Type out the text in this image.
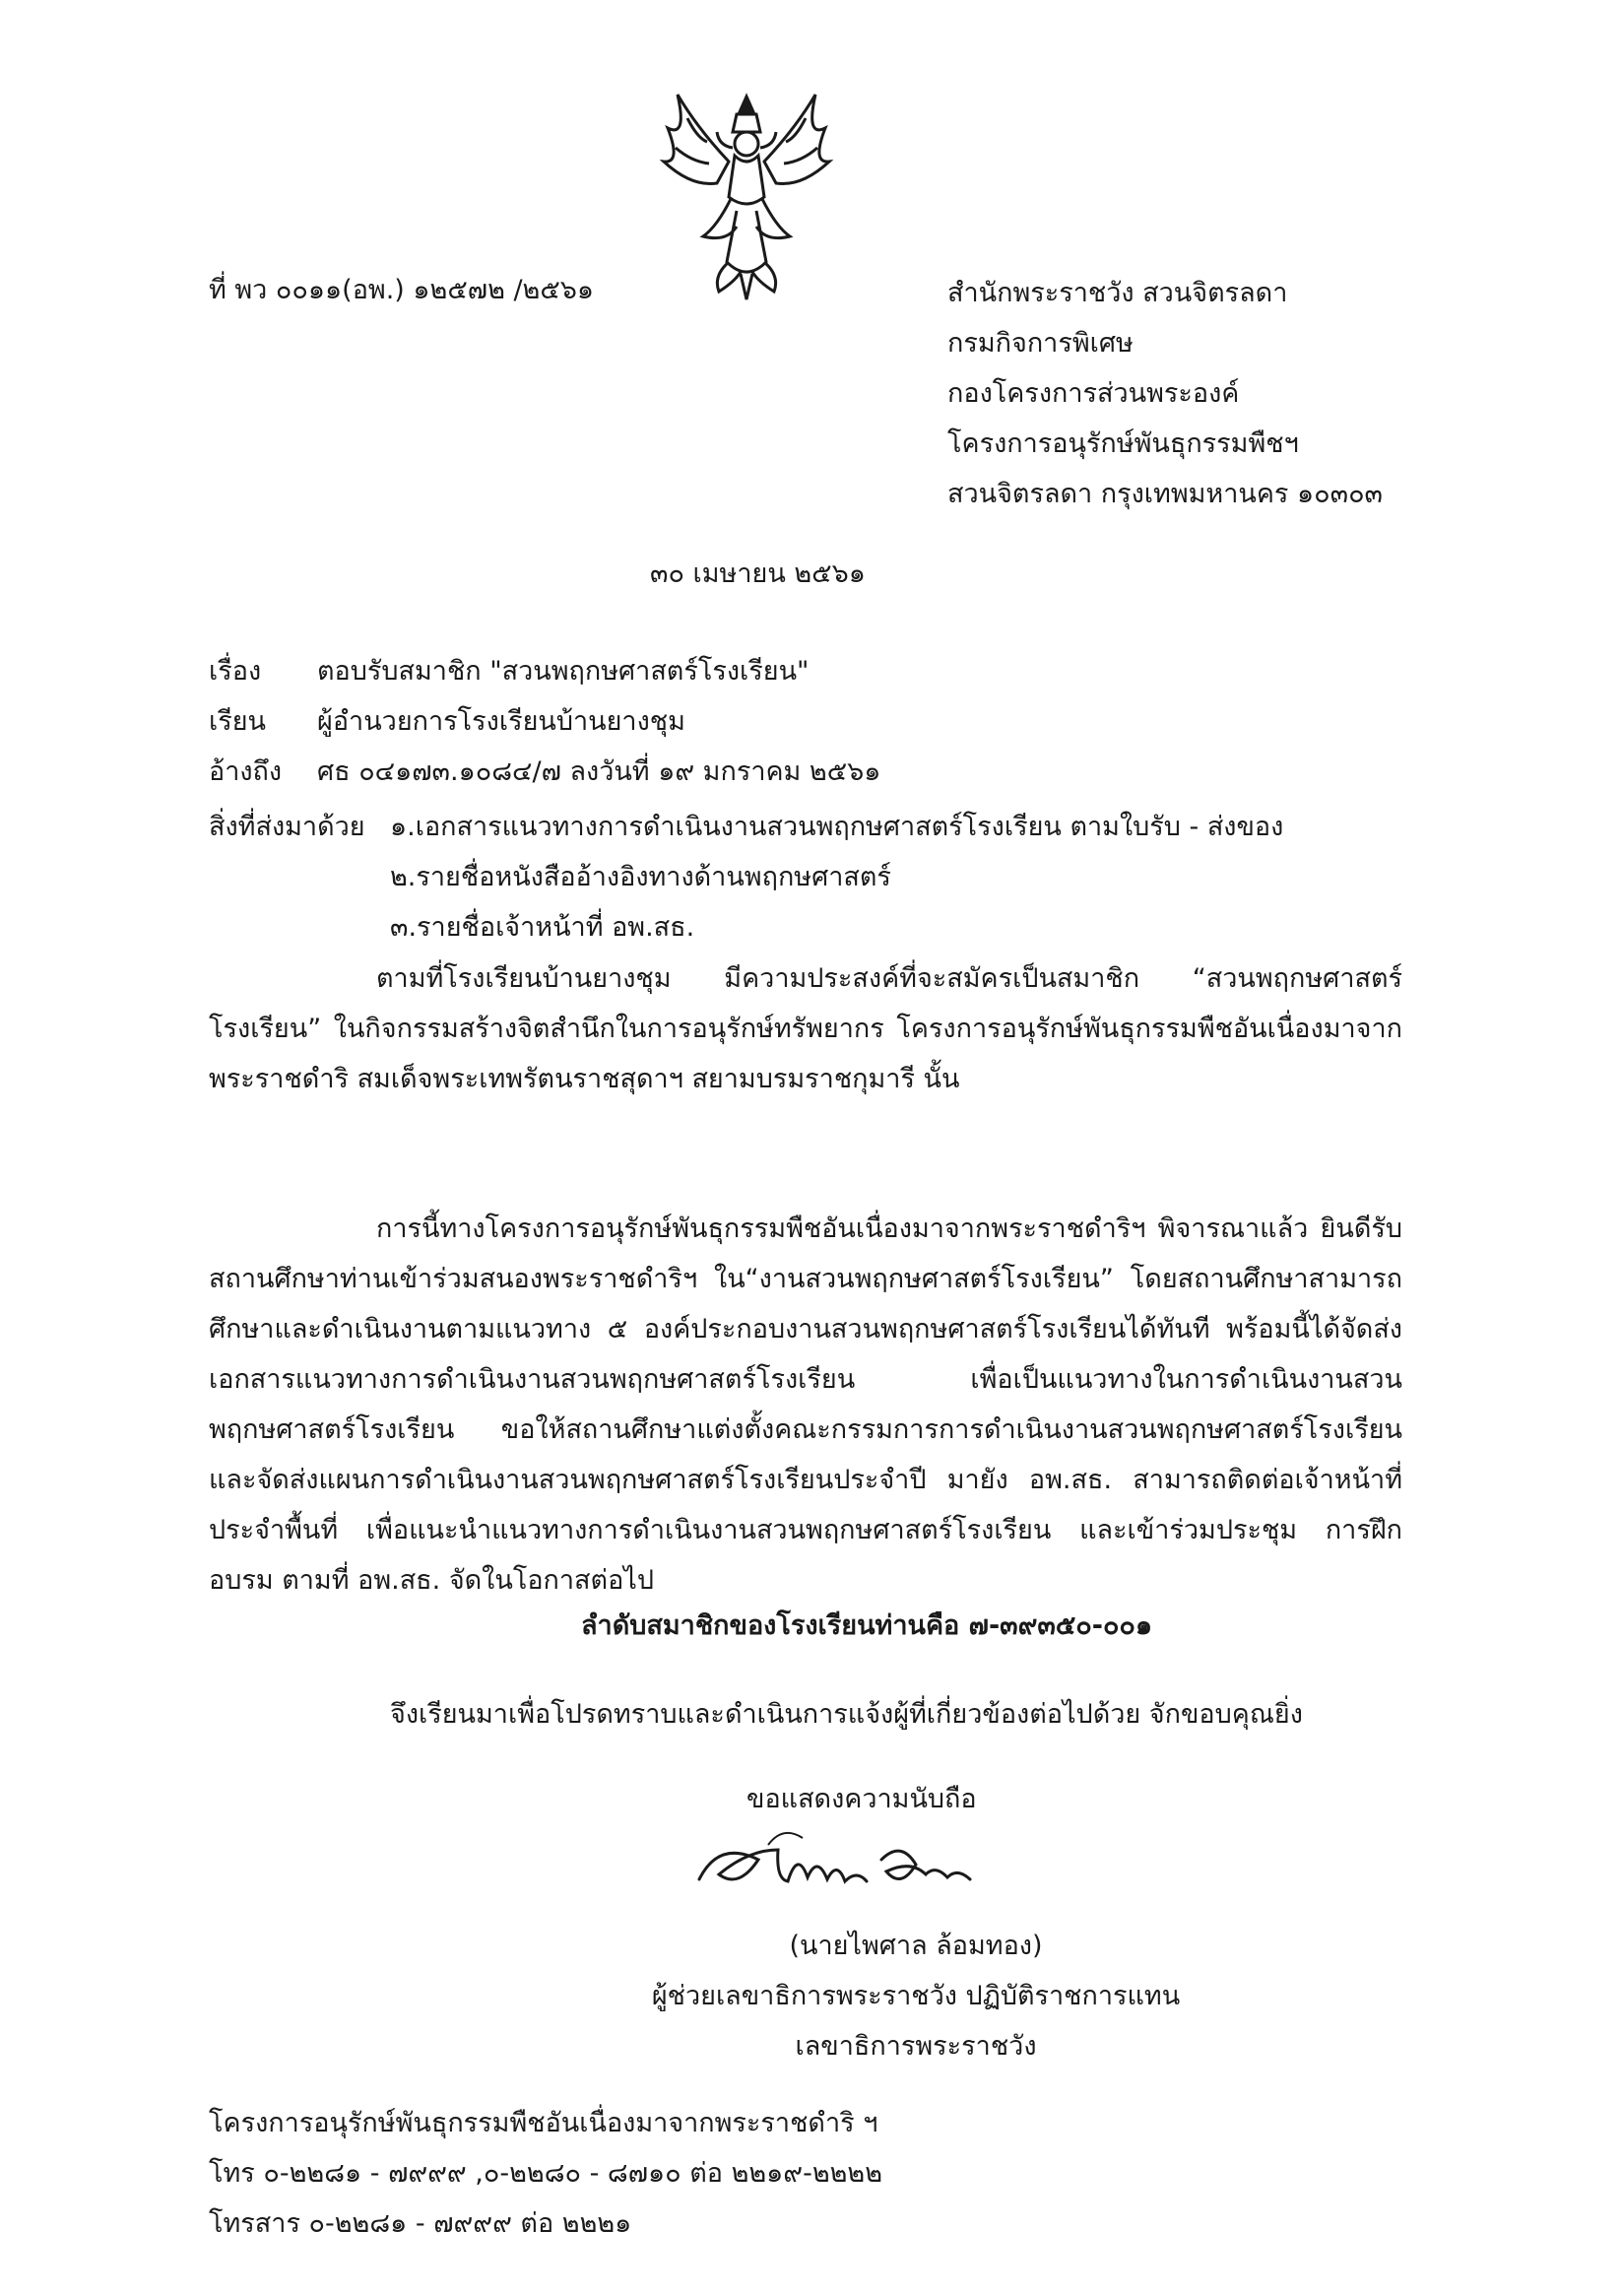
ที่ พว ๐๐๑๑(อพ.) ๑๒๕๗๒ /๒๕๖๑	สำนักพระราชวัง สวนจิตรลดา
กรมกิจการพิเศษ
กองโครงการส่วนพระองค์
โครงการอนุรักษ์พันธุกรรมพืชฯ
สวนจิตรลดา กรุงเทพมหานคร ๑๐๓๐๓
๓๐ เมษายน ๒๕๖๑
เรื่อง	ตอบรับสมาชิก "สวนพฤกษศาสตร์โรงเรียน"
เรียน	ผู้อำนวยการโรงเรียนบ้านยางชุม
อ้างถึง	ศธ ๐๔๑๗๓.๑๐๘๔/๗ ลงวันที่ ๑๙ มกราคม ๒๕๖๑
สิ่งที่ส่งมาด้วย ๑.เอกสารแนวทางการดำเนินงานสวนพฤกษศาสตร์โรงเรียน ตามใบรับ - ส่งของ
๒.รายชื่อหนังสืออ้างอิงทางด้านพฤกษศาสตร์
๓.รายชื่อเจ้าหน้าที่ อพ.สธ.
ตามที่โรงเรียนบ้านยางชุม มีความประสงค์ที่จะสมัครเป็นสมาชิก “สวนพฤกษศาสตร์โรงเรียน” ในกิจกรรมสร้างจิตสำนึกในการอนุรักษ์ทรัพยากร โครงการอนุรักษ์พันธุกรรมพืชอันเนื่องมาจากพระราชดำริ สมเด็จพระเทพรัตนราชสุดาฯ สยามบรมราชกุมารี นั้น
การนี้ทางโครงการอนุรักษ์พันธุกรรมพืชอันเนื่องมาจากพระราชดำริฯ พิจารณาแล้ว ยินดีรับสถานศึกษาท่านเข้าร่วมสนองพระราชดำริฯ ใน“งานสวนพฤกษศาสตร์โรงเรียน” โดยสถานศึกษาสามารถศึกษาและดำเนินงานตามแนวทาง ๕ องค์ประกอบงานสวนพฤกษศาสตร์โรงเรียนได้ทันที พร้อมนี้ได้จัดส่งเอกสารแนวทางการดำเนินงานสวนพฤกษศาสตร์โรงเรียน เพื่อเป็นแนวทางในการดำเนินงานสวนพฤกษศาสตร์โรงเรียน ขอให้สถานศึกษาแต่งตั้งคณะกรรมการการดำเนินงานสวนพฤกษศาสตร์โรงเรียน และจัดส่งแผนการดำเนินงานสวนพฤกษศาสตร์โรงเรียนประจำปี มายัง อพ.สธ. สามารถติดต่อเจ้าหน้าที่ ประจำพื้นที่ เพื่อแนะนำแนวทางการดำเนินงานสวนพฤกษศาสตร์โรงเรียน และเข้าร่วมประชุม การฝึกอบรม ตามที่ อพ.สธ. จัดในโอกาสต่อไป
ลำดับสมาชิกของโรงเรียนท่านคือ ๗-๓๙๓๕๐-๐๐๑
จึงเรียนมาเพื่อโปรดทราบและดำเนินการแจ้งผู้ที่เกี่ยวข้องต่อไปด้วย จักขอบคุณยิ่ง
ขอแสดงความนับถือ
(นายไพศาล ล้อมทอง)
ผู้ช่วยเลขาธิการพระราชวัง ปฏิบัติราชการแทน
เลขาธิการพระราชวัง
โครงการอนุรักษ์พันธุกรรมพืชอันเนื่องมาจากพระราชดำริ ฯ
โทร ๐-๒๒๘๑ - ๗๙๙๙ ,๐-๒๒๘๐ - ๘๗๑๐ ต่อ ๒๒๑๙-๒๒๒๒
โทรสาร ๐-๒๒๘๑ - ๗๙๙๙ ต่อ ๒๒๒๑
